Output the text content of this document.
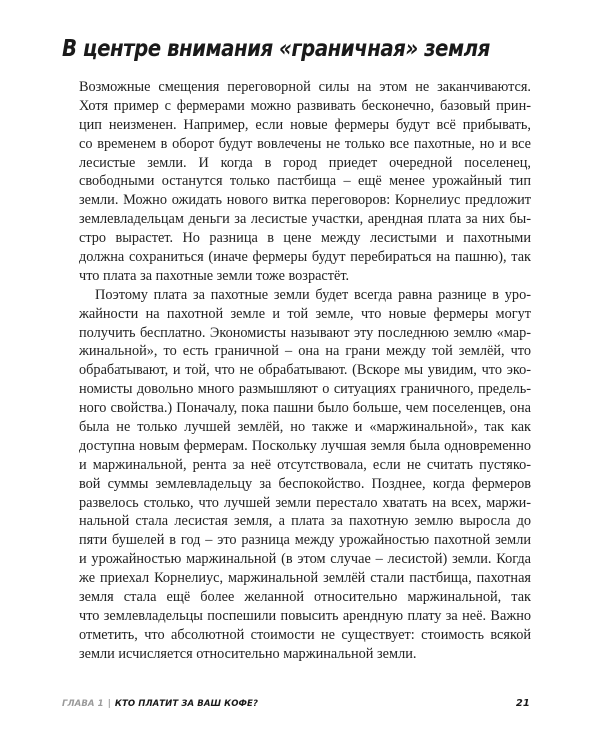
В центре внимания «граничная» земля
Возможные смещения переговорной силы на этом не заканчиваются.
Хотя пример с фермерами можно развивать бесконечно, базовый прин-
цип неизменен. Например, если новые фермеры будут всё прибывать,
со временем в оборот будут вовлечены не только все пахотные, но и все
лесистые земли. И когда в город приедет очередной поселенец,
свободными останутся только пастбища – ещё менее урожайный тип
земли. Можно ожидать нового витка переговоров: Корнелиус предложит
землевладельцам деньги за лесистые участки, арендная плата за них бы-
стро вырастет. Но разница в цене между лесистыми и пахотными
должна сохраниться (иначе фермеры будут перебираться на пашню), так
что плата за пахотные земли тоже возрастёт.
Поэтому плата за пахотные земли будет всегда равна разнице в уро-
жайности на пахотной земле и той земле, что новые фермеры могут
получить бесплатно. Экономисты называют эту последнюю землю «мар-
жинальной», то есть граничной – она на грани между той землёй, что
обрабатывают, и той, что не обрабатывают. (Вскоре мы увидим, что эко-
номисты довольно много размышляют о ситуациях граничного, предель-
ного свойства.) Поначалу, пока пашни было больше, чем поселенцев, она
была не только лучшей землёй, но также и «маржинальной», так как
доступна новым фермерам. Поскольку лучшая земля была одновременно
и маржинальной, рента за неё отсутствовала, если не считать пустяко-
вой суммы землевладельцу за беспокойство. Позднее, когда фермеров
развелось столько, что лучшей земли перестало хватать на всех, маржи-
нальной стала лесистая земля, а плата за пахотную землю выросла до
пяти бушелей в год – это разница между урожайностью пахотной земли
и урожайностью маржинальной (в этом случае – лесистой) земли. Когда
же приехал Корнелиус, маржинальной землёй стали пастбища, пахотная
земля стала ещё более желанной относительно маржинальной, так
что землевладельцы поспешили повысить арендную плату за неё. Важно
отметить, что абсолютной стоимости не существует: стоимость всякой
земли исчисляется относительно маржинальной земли.
ГЛАВА 1 | КТО ПЛАТИТ ЗА ВАШ КОФЕ?	21
